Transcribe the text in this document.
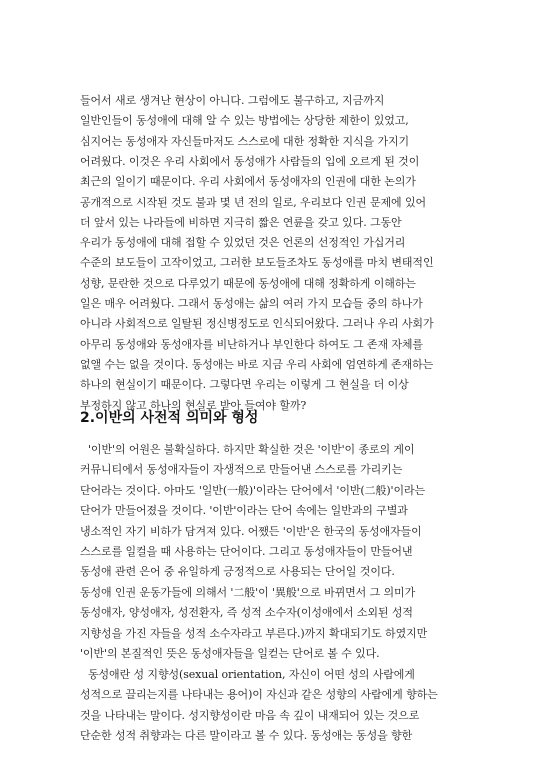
들어서 새로 생겨난 현상이 아니다. 그럼에도 불구하고, 지금까지
일반인들이 동성애에 대해 알 수 있는 방법에는 상당한 제한이 있었고,
심지어는 동성애자 자신들마저도 스스로에 대한 정확한 지식을 가지기
어려웠다. 이것은 우리 사회에서 동성애가 사람들의 입에 오르게 된 것이
최근의 일이기 때문이다. 우리 사회에서 동성애자의 인권에 대한 논의가
공개적으로 시작된 것도 불과 몇 년 전의 일로, 우리보다 인권 문제에 있어
더 앞서 있는 나라들에 비하면 지극히 짧은 연륜을 갖고 있다. 그동안
우리가 동성애에 대해 접할 수 있었던 것은 언론의 선정적인 가십거리
수준의 보도들이 고작이었고, 그러한 보도들조차도 동성애를 마치 변태적인
성향, 문란한 것으로 다루었기 때문에 동성애에 대해 정확하게 이해하는
일은 매우 어려웠다. 그래서 동성애는 삶의 여러 가지 모습들 중의 하나가
아니라 사회적으로 일탈된 정신병정도로 인식되어왔다. 그러나 우리 사회가
아무리 동성애와 동성애자를 비난하거나 부인한다 하여도 그 존재 자체를
없앨 수는 없을 것이다. 동성애는 바로 지금 우리 사회에 엄연하게 존재하는
하나의 현실이기 때문이다. 그렇다면 우리는 이렇게 그 현실을 더 이상
부정하지 않고 하나의 현실로 받아 들여야 할까?
2.이반의 사전적 의미와 형성
'이반'의 어원은 불확실하다. 하지만 확실한 것은 '이반'이 종로의 게이
커뮤니티에서 동성애자들이 자생적으로 만들어낸 스스로를 가리키는
단어라는 것이다. 아마도 '일반(一般)'이라는 단어에서 '이반(二般)'이라는
단어가 만들어졌을 것이다. '이반'이라는 단어 속에는 일반과의 구별과
냉소적인 자기 비하가 담겨져 있다. 어쨌든 '이반'은 한국의 동성애자들이
스스로를 일컬을 때 사용하는 단어이다. 그리고 동성애자들이 만들어낸
동성애 관련 은어 중 유일하게 긍정적으로 사용되는 단어일 것이다.
동성애 인권 운동가들에 의해서 '二般'이 '異般'으로 바뀌면서 그 의미가
동성애자, 양성애자, 성전환자, 즉 성적 소수자(이성애에서 소외된 성적
지향성을 가진 자들을 성적 소수자라고 부른다.)까지 확대되기도 하였지만
'이반'의 본질적인 뜻은 동성애자들을 일컫는 단어로 볼 수 있다.
동성애란 성 지향성(sexual orientation, 자신이 어떤 성의 사람에게
성적으로 끌리는지를 나타내는 용어)이 자신과 같은 성향의 사람에게 향하는
것을 나타내는 말이다. 성지향성이란 마음 속 깊이 내재되어 있는 것으로
단순한 성적 취향과는 다른 말이라고 볼 수 있다. 동성애는 동성을 향한
